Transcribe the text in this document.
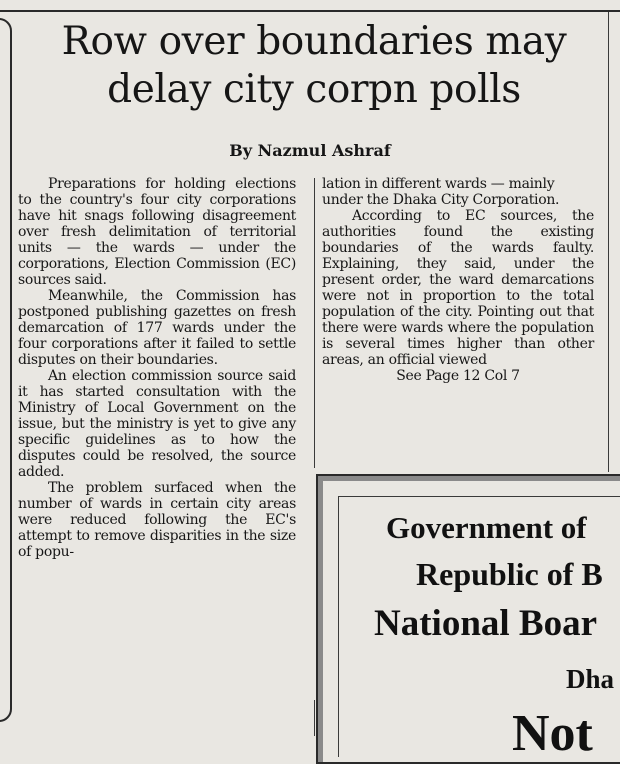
Row over boundaries may
delay city corpn polls
By Nazmul Ashraf

Preparations for holding elections to the country's four city corporations have hit snags following disagreement over fresh delimitation of territorial units — the wards — under the corporations, Election Commission (EC) sources said.

Meanwhile, the Commission has postponed publishing gazettes on fresh demarcation of 177 wards under the four corporations after it failed to settle disputes on their boundaries.

An election commission source said it has started consultation with the Ministry of Local Government on the issue, but the ministry is yet to give any specific guidelines as to how the disputes could be resolved, the source added.

The problem surfaced when the number of wards in certain city areas were reduced following the EC's attempt to remove disparities in the size of popu-

lation in different wards — mainly under the Dhaka City Corporation.

According to EC sources, the authorities found the existing boundaries of the wards faulty. Explaining, they said, under the present order, the ward demarcations were not in proportion to the total population of the city. Pointing out that there were wards where the population is several times higher than other areas, an official viewed

See Page 12 Col 7

Government of
Republic of B
National Boar
Dha
Not
